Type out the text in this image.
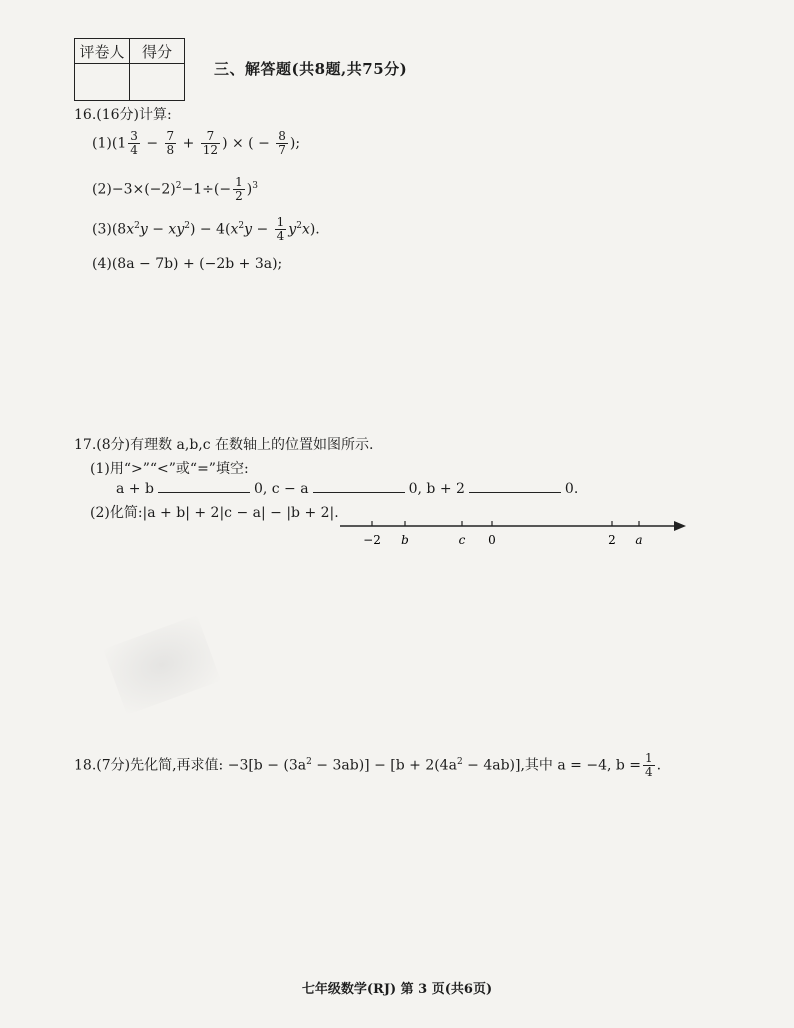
评卷人	得分

三、解答题(共8题,共75分)
16.(16分)计算:
$(1)(1 \frac{3}{4} - \frac{7}{8} + \frac{7}{12}$ ) × ( − $\frac{8}{7}$ );
$(2)-3\times(-2)^2-1\div(- \frac{1}{2} )^3$
$(3)(8x^2y - xy^2) - 4(x^2y - \frac{1}{4} y^2x)$.
(4)(8a − 7b) + (−2b + 3a);
17.(8分)有理数 a,b,c 在数轴上的位置如图所示.
(1)用“>”“<”或“=”填空:
a + b	0, c − a	0, b + 2	0.
(2)化简:|a + b| + 2|c − a| − |b + 2|.
−2 b	c 0	2 a
18.(7分)先化简,再求值: $-3[b - (3a^2 - 3ab)] - [b + 2(4a^2 - 4ab)]$,其中 a = −4, $b = \frac{1}{4}$ .
七年级数学(RJ) 第 3 页(共6页)
